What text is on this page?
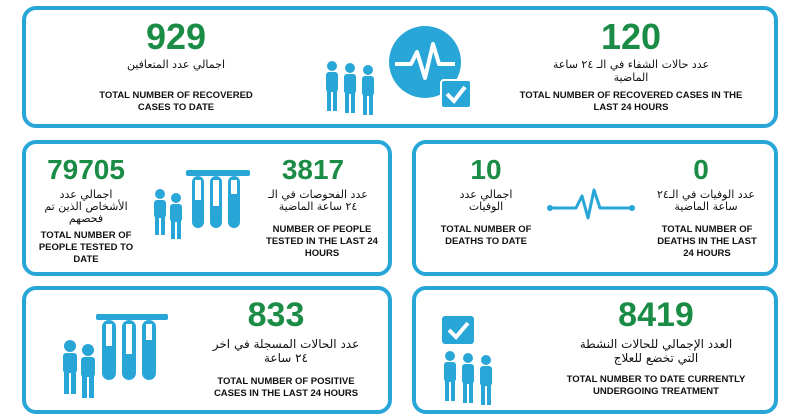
929
اجمالي عدد المتعافين
TOTAL NUMBER OF RECOVERED CASES TO DATE
120
عدد حالات الشفاء في الـ ٢٤ ساعة
الماضية
TOTAL NUMBER OF RECOVERED CASES IN THE LAST 24 HOURS
79705
اجمالي عدد
الأشخاص الذين تم
فحصهم
TOTAL NUMBER OF PEOPLE TESTED TO DATE
3817
عدد الفحوصات في الـ
٢٤ ساعة الماضية
NUMBER OF PEOPLE TESTED IN THE LAST 24 HOURS
10
اجمالي عدد
الوفيات
TOTAL NUMBER OF DEATHS TO DATE
0
عدد الوفيات في الـ٢٤
ساعة الماضية
TOTAL NUMBER OF DEATHS IN THE LAST 24 HOURS
833
عدد الحالات المسجلة في اخر
٢٤ ساعة
TOTAL NUMBER OF POSITIVE CASES IN THE LAST 24 HOURS
8419
العدد الإجمالي للحالات النشطة
التي تخضع للعلاج
TOTAL NUMBER TO DATE CURRENTLY UNDERGOING TREATMENT
